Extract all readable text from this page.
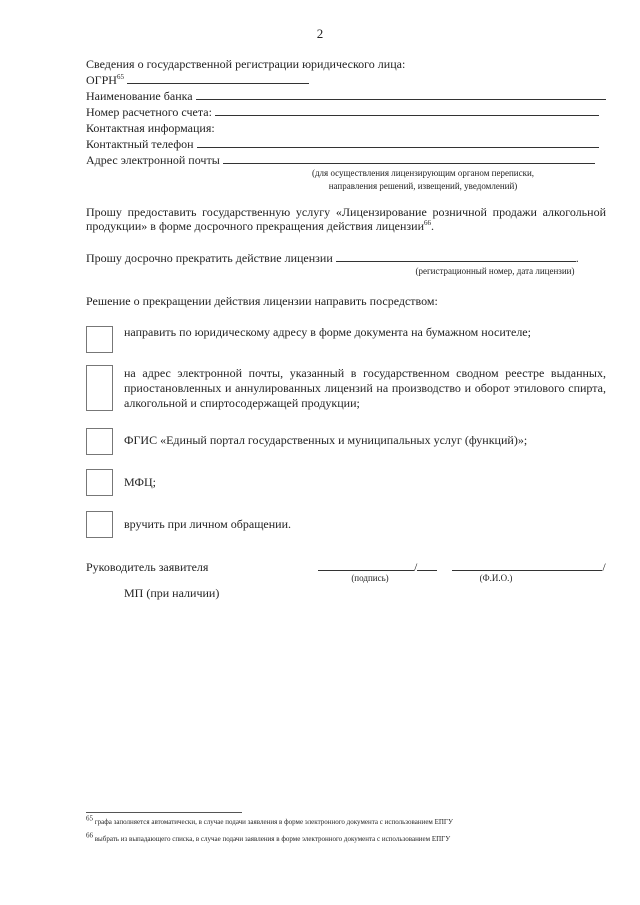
2
Сведения о государственной регистрации юридического лица:
ОГРН$^{65}$
Наименование банка
Номер расчетного счета:
Контактная информация:
Контактный телефон
Адрес электронной почты
(для осуществления лицензирующим органом переписки,
направления решений, извещений, уведомлений)
Прошу предоставить государственную услугу «Лицензирование розничной продажи алкогольной продукции» в форме досрочного прекращения действия лицензии$^{66}$.
Прошу досрочно прекратить действие лицензии	.
(регистрационный номер, дата лицензии)
Решение о прекращении действия лицензии направить посредством:
направить по юридическому адресу в форме документа на бумажном носителе;
на адрес электронной почты, указанный в государственном сводном реестре выданных, приостановленных и аннулированных лицензий на производство и оборот этилового спирта, алкогольной и спиртосодержащей продукции;
ФГИС «Единый портал государственных и муниципальных услуг (функций)»;
МФЦ;
вручить при личном обращении.
Руководитель заявителя	/	/
(подпись)	(Ф.И.О.)
МП (при наличии)
$^{65}$ графа заполняется автоматически, в случае подачи заявления в форме электронного документа с использованием ЕПГУ
$^{66}$ выбрать из выпадающего списка, в случае подачи заявления в форме электронного документа с использованием ЕПГУ
